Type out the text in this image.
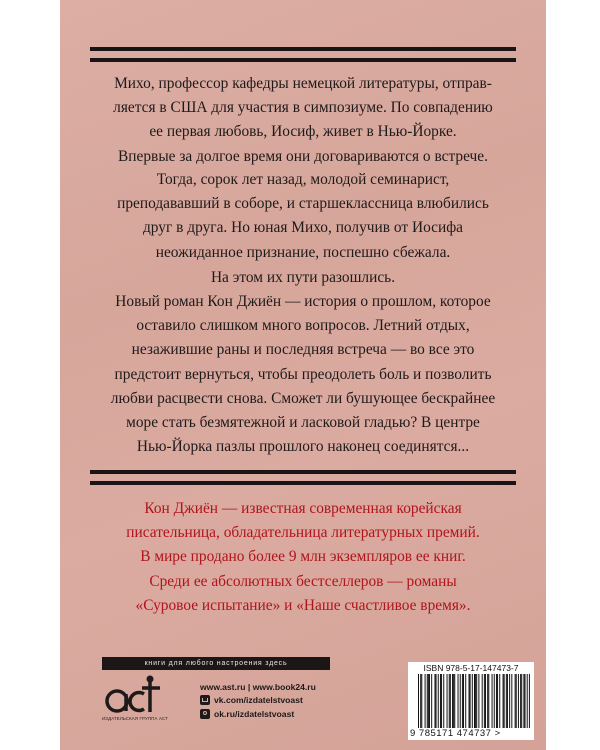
Михо, профессор кафедры немецкой литературы, отправ-
ляется в США для участия в симпозиуме. По совпадению
ее первая любовь, Иосиф, живет в Нью-Йорке.
Впервые за долгое время они договариваются о встрече.
Тогда, сорок лет назад, молодой семинарист,
преподававший в соборе, и старшеклассница влюбились
друг в друга. Но юная Михо, получив от Иосифа
неожиданное признание, поспешно сбежала.
На этом их пути разошлись.
Новый роман Кон Джиён — история о прошлом, которое
оставило слишком много вопросов. Летний отдых,
незажившие раны и последняя встреча — во все это
предстоит вернуться, чтобы преодолеть боль и позволить
любви расцвести снова. Сможет ли бушующее бескрайнее
море стать безмятежной и ласковой гладью? В центре
Нью-Йорка пазлы прошлого наконец соединятся...
Кон Джиён — известная современная корейская
писательница, обладательница литературных премий.
В мире продано более 9 млн экземпляров ее книг.
Среди ее абсолютных бестселлеров — романы
«Суровое испытание» и «Наше счастливое время».
книги для любого настроения здесь
аст
ИЗДАТЕЛЬСКАЯ ГРУППА АСТ
www.ast.ru | www.book24.ru
vk.com/izdatelstvoast
ok.ru/izdatelstvoast
ISBN 978-5-17-147473-7
9 785171 474737 >
